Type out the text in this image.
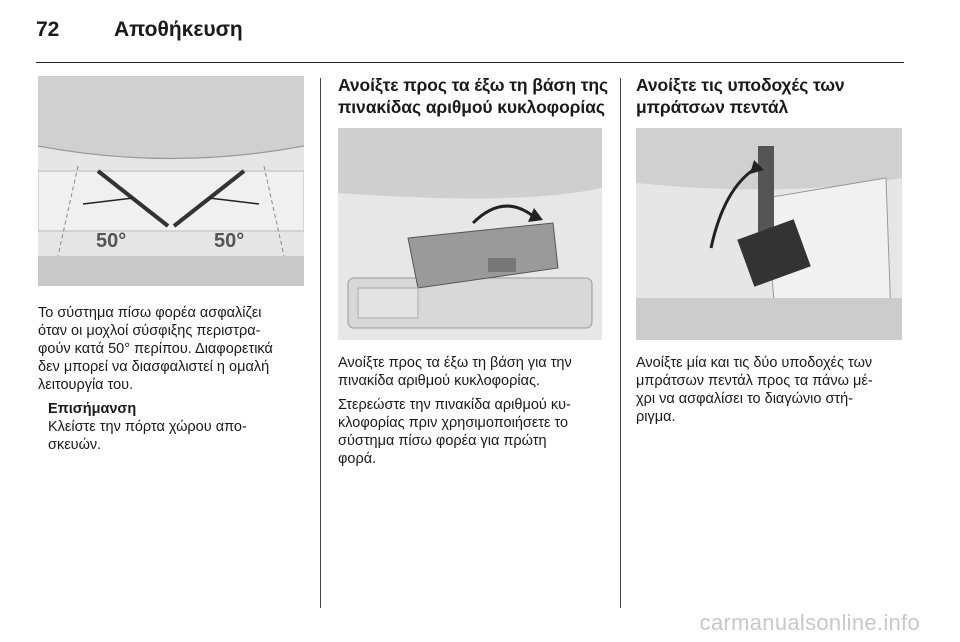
72	Αποθήκευση
50°	50°

Το σύστημα πίσω φορέα ασφαλίζει
όταν οι μοχλοί σύσφιξης περιστρα-
φούν κατά 50° περίπου. Διαφορετικά
δεν μπορεί να διασφαλιστεί η ομαλή
λειτουργία του.

Επισήμανση
Κλείστε την πόρτα χώρου απο-
σκευών.
Ανοίξτε προς τα έξω τη βάση της
πινακίδας αριθμού κυκλοφορίας

Ανοίξτε προς τα έξω τη βάση για την
πινακίδα αριθμού κυκλοφορίας.

Στερεώστε την πινακίδα αριθμού κυ-
κλοφορίας πριν χρησιμοποιήσετε το
σύστημα πίσω φορέα για πρώτη
φορά.

Ανοίξτε τις υποδοχές των
μπράτσων πεντάλ

Ανοίξτε μία και τις δύο υποδοχές των
μπράτσων πεντάλ προς τα πάνω μέ-
χρι να ασφαλίσει το διαγώνιο στή-
ριγμα.

carmanualsonline.info
